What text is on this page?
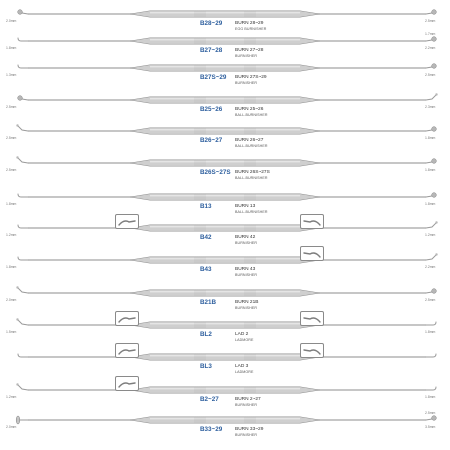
B28~29	BURN 28~29
EGG BURNISHER
2.0mm	2.5mm
B27~28	BURN 27~28
BURNISHER
1.8mm	2.2mm
1.7mm
B27S~29 BURN 27S~29
BURNISHER
1.3mm	2.5mm
B25~26	BURN 25~26
BALL-BURNISHER
2.5mm	2.3mm
B26~27	BURN 26~27
BALL-BURNISHER
2.5mm	1.8mm
B26S~27S BURN 26S~27S
BALL-BURNISHER
2.5mm	1.8mm
B13	BURN 13
BALL-BURNISHER
1.8mm	1.8mm
B42	BURN 42
BURNISHER
1.2mm	1.2mm
B43	BURN 43
BURNISHER
1.8mm	2.2mm
B21B	BURN 21B
BURNISHER
2.0mm	2.5mm
BL2	LAD 2
LADMORE
1.5mm	1.8mm
BL3	LAD 3
LADMORE
B2~27	BURN 2~27
BURNISHER
1.2mm	1.8mm
B33~29	BURN 33~29
BURNISHER
2.0mm	3.5mm
2.5mm
